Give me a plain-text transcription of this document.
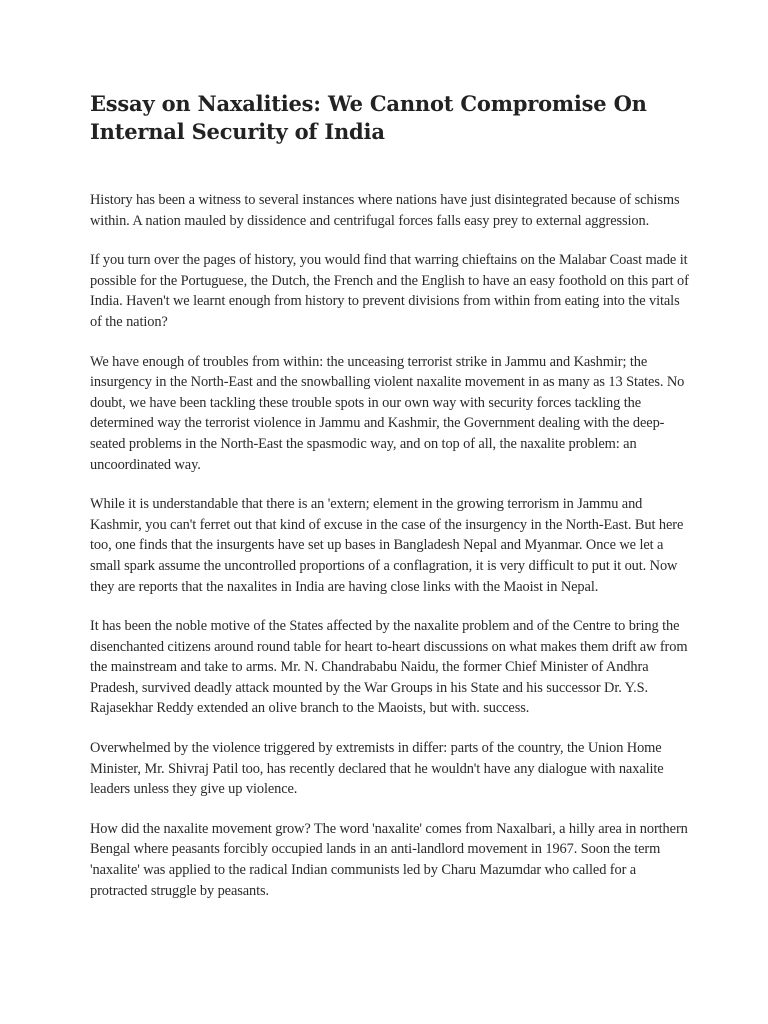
Essay on Naxalities: We Cannot Compromise On Internal Security of India

History has been a witness to several instances where nations have just disintegrated because of schisms within. A nation mauled by dissidence and centrifugal forces falls easy prey to external aggression.

If you turn over the pages of history, you would find that warring chieftains on the Malabar Coast made it possible for the Portuguese, the Dutch, the French and the English to have an easy foothold on this part of India. Haven't we learnt enough from history to prevent divisions from within from eating into the vitals of the nation?

We have enough of troubles from within: the unceasing terrorist strike in Jammu and Kashmir; the insurgency in the North-East and the snowballing violent naxalite movement in as many as 13 States. No doubt, we have been tackling these trouble spots in our own way with security forces tackling the determined way the terrorist violence in Jammu and Kashmir, the Government dealing with the deep-seated problems in the North-East the spasmodic way, and on top of all, the naxalite problem: an uncoordinated way.

While it is understandable that there is an 'extern; element in the growing terrorism in Jammu and Kashmir, you can't ferret out that kind of excuse in the case of the insurgency in the North-East. But here too, one finds that the insurgents have set up bases in Bangladesh Nepal and Myanmar. Once we let a small spark assume the uncontrolled proportions of a conflagration, it is very difficult to put it out. Now they are reports that the naxalites in India are having close links with the Maoist in Nepal.

It has been the noble motive of the States affected by the naxalite problem and of the Centre to bring the disenchanted citizens around round table for heart to-heart discussions on what makes them drift aw from the mainstream and take to arms. Mr. N. Chandrababu Naidu, the former Chief Minister of Andhra Pradesh, survived deadly attack mounted by the War Groups in his State and his successor Dr. Y.S. Rajasekhar Reddy extended an olive branch to the Maoists, but with. success.

Overwhelmed by the violence triggered by extremists in differ: parts of the country, the Union Home Minister, Mr. Shivraj Patil too, has recently declared that he wouldn't have any dialogue with naxalite leaders unless they give up violence.

How did the naxalite movement grow? The word 'naxalite' comes from Naxalbari, a hilly area in northern Bengal where peasants forcibly occupied lands in an anti-landlord movement in 1967. Soon the term 'naxalite' was applied to the radical Indian communists led by Charu Mazumdar who called for a protracted struggle by peasants.
